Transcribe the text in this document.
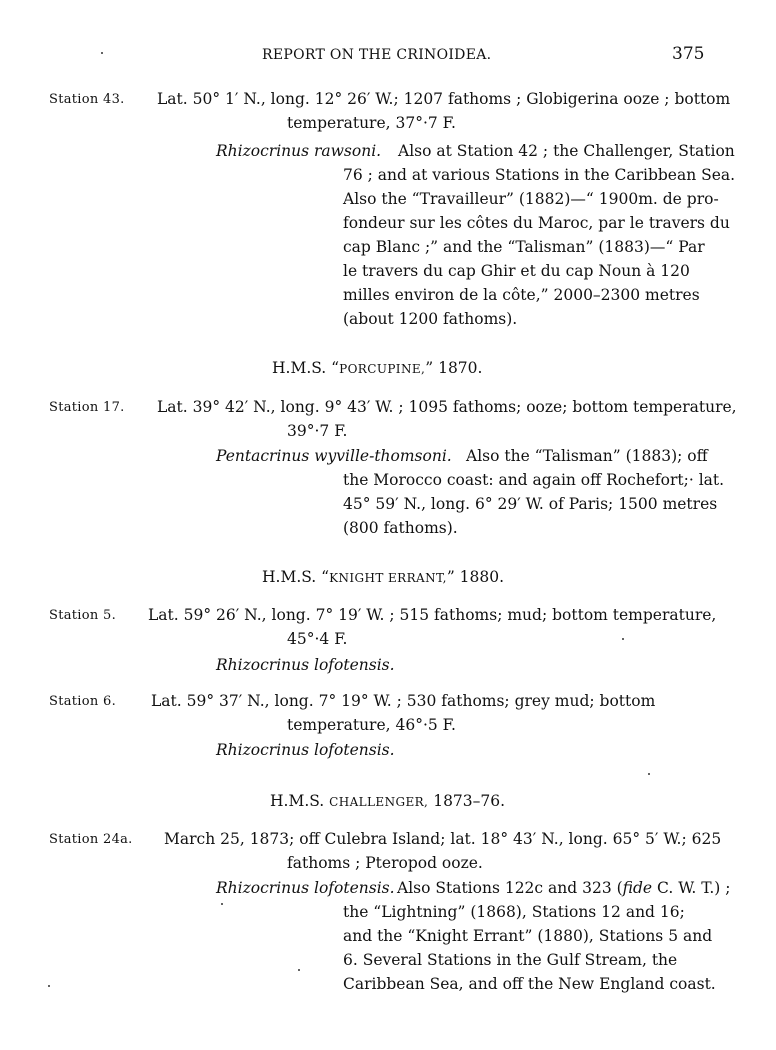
REPORT ON THE CRINOIDEA.	375
Station 43. Lat. 50° 1′ N., long. 12° 26′ W.; 1207 fathoms ; Globigerina ooze ; bottom
temperature, 37°·7 F.
Rhizocrinus rawsoni. Also at Station 42 ; the Challenger, Station
76 ; and at various Stations in the Caribbean Sea.
Also the “Travailleur” (1882)—“ 1900m. de pro-
fondeur sur les côtes du Maroc, par le travers du
cap Blanc ;” and the “Talisman” (1883)—“ Par
le travers du cap Ghir et du cap Noun à 120
milles environ de la côte,” 2000–2300 metres
(about 1200 fathoms).
H.M.S. “PORCUPINE,” 1870.
Station 17. Lat. 39° 42′ N., long. 9° 43′ W. ; 1095 fathoms; ooze; bottom temperature,
39°·7 F.
Pentacrinus wyville-thomsoni. Also the “Talisman” (1883); off
the Morocco coast: and again off Rochefort;· lat.
45° 59′ N., long. 6° 29′ W. of Paris; 1500 metres
(800 fathoms).
H.M.S. “KNIGHT ERRANT,” 1880.
Station 5. Lat. 59° 26′ N., long. 7° 19′ W. ; 515 fathoms; mud; bottom temperature,
45°·4 F.
Rhizocrinus lofotensis.
Station 6. Lat. 59° 37′ N., long. 7° 19° W. ; 530 fathoms; grey mud; bottom
temperature, 46°·5 F.
Rhizocrinus lofotensis.
H.M.S. CHALLENGER, 1873–76.
Station 24a. March 25, 1873; off Culebra Island; lat. 18° 43′ N., long. 65° 5′ W.; 625
fathoms ; Pteropod ooze.
Rhizocrinus lofotensis. Also Stations 122c and 323 (fide C. W. T.) ;
the “Lightning” (1868), Stations 12 and 16;
and the “Knight Errant” (1880), Stations 5 and
6. Several Stations in the Gulf Stream, the
Caribbean Sea, and off the New England coast.
